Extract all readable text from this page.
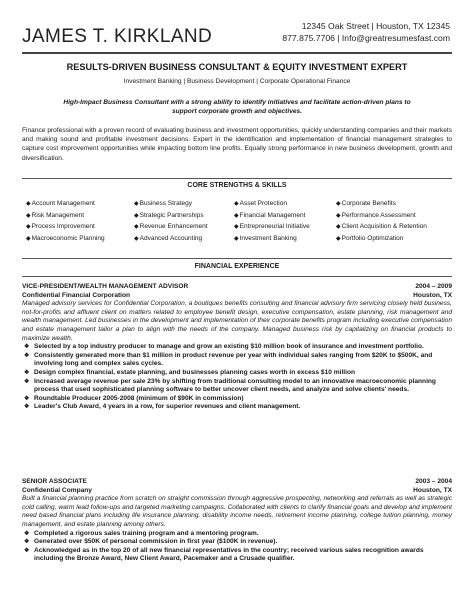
JAMES T. KIRKLAND	12345 Oak Street | Houston, TX 12345
877.875.7706 | Info@greatresumesfast.com
RESULTS-DRIVEN BUSINESS CONSULTANT & EQUITY INVESTMENT EXPERT
Investment Banking | Business Development | Corporate Operational Finance
High-Impact Business Consultant with a strong ability to identify initiatives and facilitate action-driven plans to support corporate growth and objectives.
Finance professional with a proven record of evaluating business and investment opportunities, quickly understanding companies and their markets and making sound and profitable investment decisions. Expert in the identification and implementation of financial management strategies to capture cost improvement opportunities while impacting bottom line profits. Equally strong performance in new business development, growth and diversification.
CORE STRENGTHS & SKILLS
◆Account Management	◆Business Strategy	◆Asset Protection	◆Corporate Benefits
◆Risk Management	◆Strategic Partnerships	◆Financial Management	◆Performance Assessment
◆Process Improvement	◆Revenue Enhancement	◆Entrepreneurial Initiative	◆Client Acquisition & Retention
◆Macroeconomic Planning	◆Advanced Accounting	◆Investment Banking	◆Portfolio Optimization
FINANCIAL EXPERIENCE
VICE-PRESIDENT/WEALTH MANAGEMENT ADVISOR	2004 – 2009
Confidential Financial Corporation	Houston, TX
Managed advisory services for Confidential Corporation, a boutiques benefits consulting and financial advisory firm servicing closely held business, not-for-profits and affluent client on matters related to employee benefit design, executive compensation, estate planning, risk management and wealth management. Led businesses in the development and implementation of their corporate benefits program including executive compensation and estate management tailor a plan to align with the needs of the company. Managed business risk by capitalizing on financial products to maximize wealth.
❖ Selected by a top industry producer to manage and grow an existing $10 million book of insurance and investment portfolio.
❖ Consistently generated more than $1 million in product revenue per year with individual sales ranging from $20K to $500K, and involving long and complex sales cycles.
❖ Design complex financial, estate planning, and businesses planning cases worth in excess $10 million
❖ Increased average revenue per sale 23% by shifting from traditional consulting model to an innovative macroeconomic planning process that used sophisticated planning software to better uncover client needs, and analyze and solve clients' needs.
❖ Roundtable Producer 2005-2008 (minimum of $90K in commission)
❖ Leader's Club Award, 4 years in a row, for superior revenues and client management.
SENIOR ASSOCIATE	2003 – 2004
Confidential Company	Houston, TX
Built a financial planning practice from scratch on straight commission through aggressive prospecting, networking and referrals as well as strategic cold calling, warm lead follow-ups and targeted marketing campaigns. Collaborated with clients to clarify financial goals and develop and implement need based financial plans including life insurance planning, disability income needs, retirement income planning, college tuition planning, money management, and estate planning among others.
❖ Completed a rigorous sales training program and a mentoring program.
❖ Generated over $50K of personal commission in first year ($100K in revenue).
❖ Acknowledged as in the top 20 of all new financial representatives in the country; received various sales recognition awards including the Bronze Award, New Client Award, Pacemaker and a Crusade qualifier.
